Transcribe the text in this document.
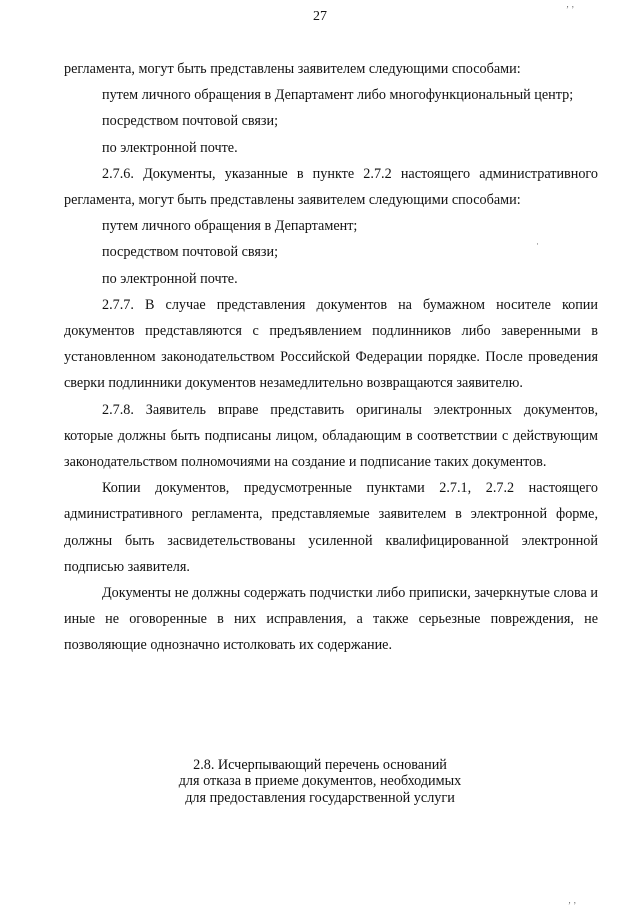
27

регламента, могут быть представлены заявителем следующими способами:

путем личного обращения в Департамент либо многофункциональный центр;

посредством почтовой связи;

по электронной почте.

2.7.6. Документы, указанные в пункте 2.7.2 настоящего административного регламента, могут быть представлены заявителем следующими способами:

путем личного обращения в Департамент;

посредством почтовой связи;

по электронной почте.

2.7.7. В случае представления документов на бумажном носителе копии документов представляются с предъявлением подлинников либо заверенными в установленном законодательством Российской Федерации порядке. После проведения сверки подлинники документов незамедлительно возвращаются заявителю.

2.7.8. Заявитель вправе представить оригиналы электронных документов, которые должны быть подписаны лицом, обладающим в соответствии с действующим законодательством полномочиями на создание и подписание таких документов.

Копии документов, предусмотренные пунктами 2.7.1, 2.7.2 настоящего административного регламента, представляемые заявителем в электронной форме, должны быть засвидетельствованы усиленной квалифицированной электронной подписью заявителя.

Документы не должны содержать подчистки либо приписки, зачеркнутые слова и иные не оговоренные в них исправления, а также серьезные повреждения, не позволяющие однозначно истолковать их содержание.

2.8. Исчерпывающий перечень оснований
для отказа в приеме документов, необходимых
для предоставления государственной услуги
‚ ‚
·
‚ ‚
